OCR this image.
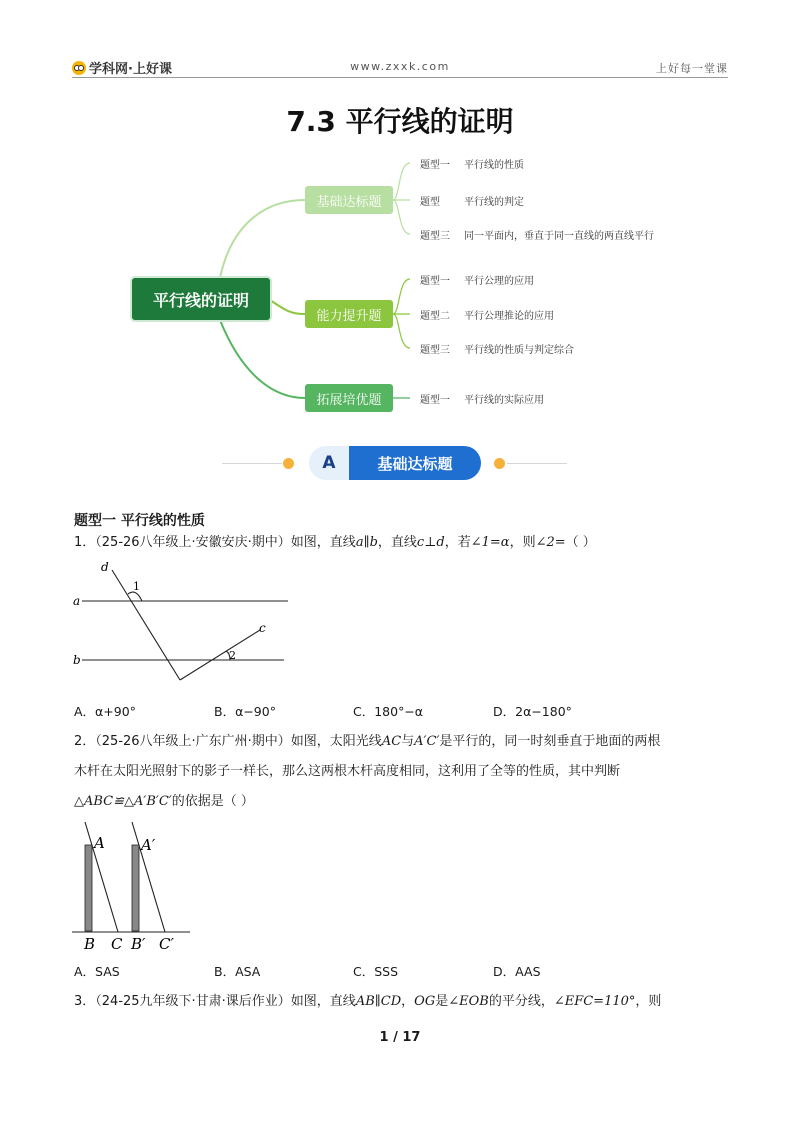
学科网·上好课	www.zxxk.com	上好每一堂课
7.3 平行线的证明
平行线的证明
基础达标题
能力提升题
拓展培优题
题型一 平行线的性质
题型 平行线的判定
题型三 同一平面内，垂直于同一直线的两直线平行
题型一 平行公理的应用
题型二 平行公理推论的应用
题型三 平行线的性质与判定综合
题型一 平行线的实际应用
A	基础达标题
题型一 平行线的性质
1．（25-26八年级上·安徽安庆·期中）如图，直线a∥b，直线c⊥d，若∠1=α，则∠2=（ ）
a
b
c
d
1
2
A．α+90°	B．α−90°	C．180°−α	D．2α−180°
2．（25-26八年级上·广东广州·期中）如图，太阳光线AC与A′C′是平行的，同一时刻垂直于地面的两根
木杆在太阳光照射下的影子一样长，那么这两根木杆高度相同，这利用了全等的性质，其中判断
△ABC≌△A′B′C′的依据是（ ）
A A′
B C B′ C′
A．SAS	B．ASA	C．SSS	D．AAS
3．（24-25九年级下·甘肃·课后作业）如图，直线AB∥CD，OG是∠EOB的平分线，∠EFC=110°，则
1 / 17
